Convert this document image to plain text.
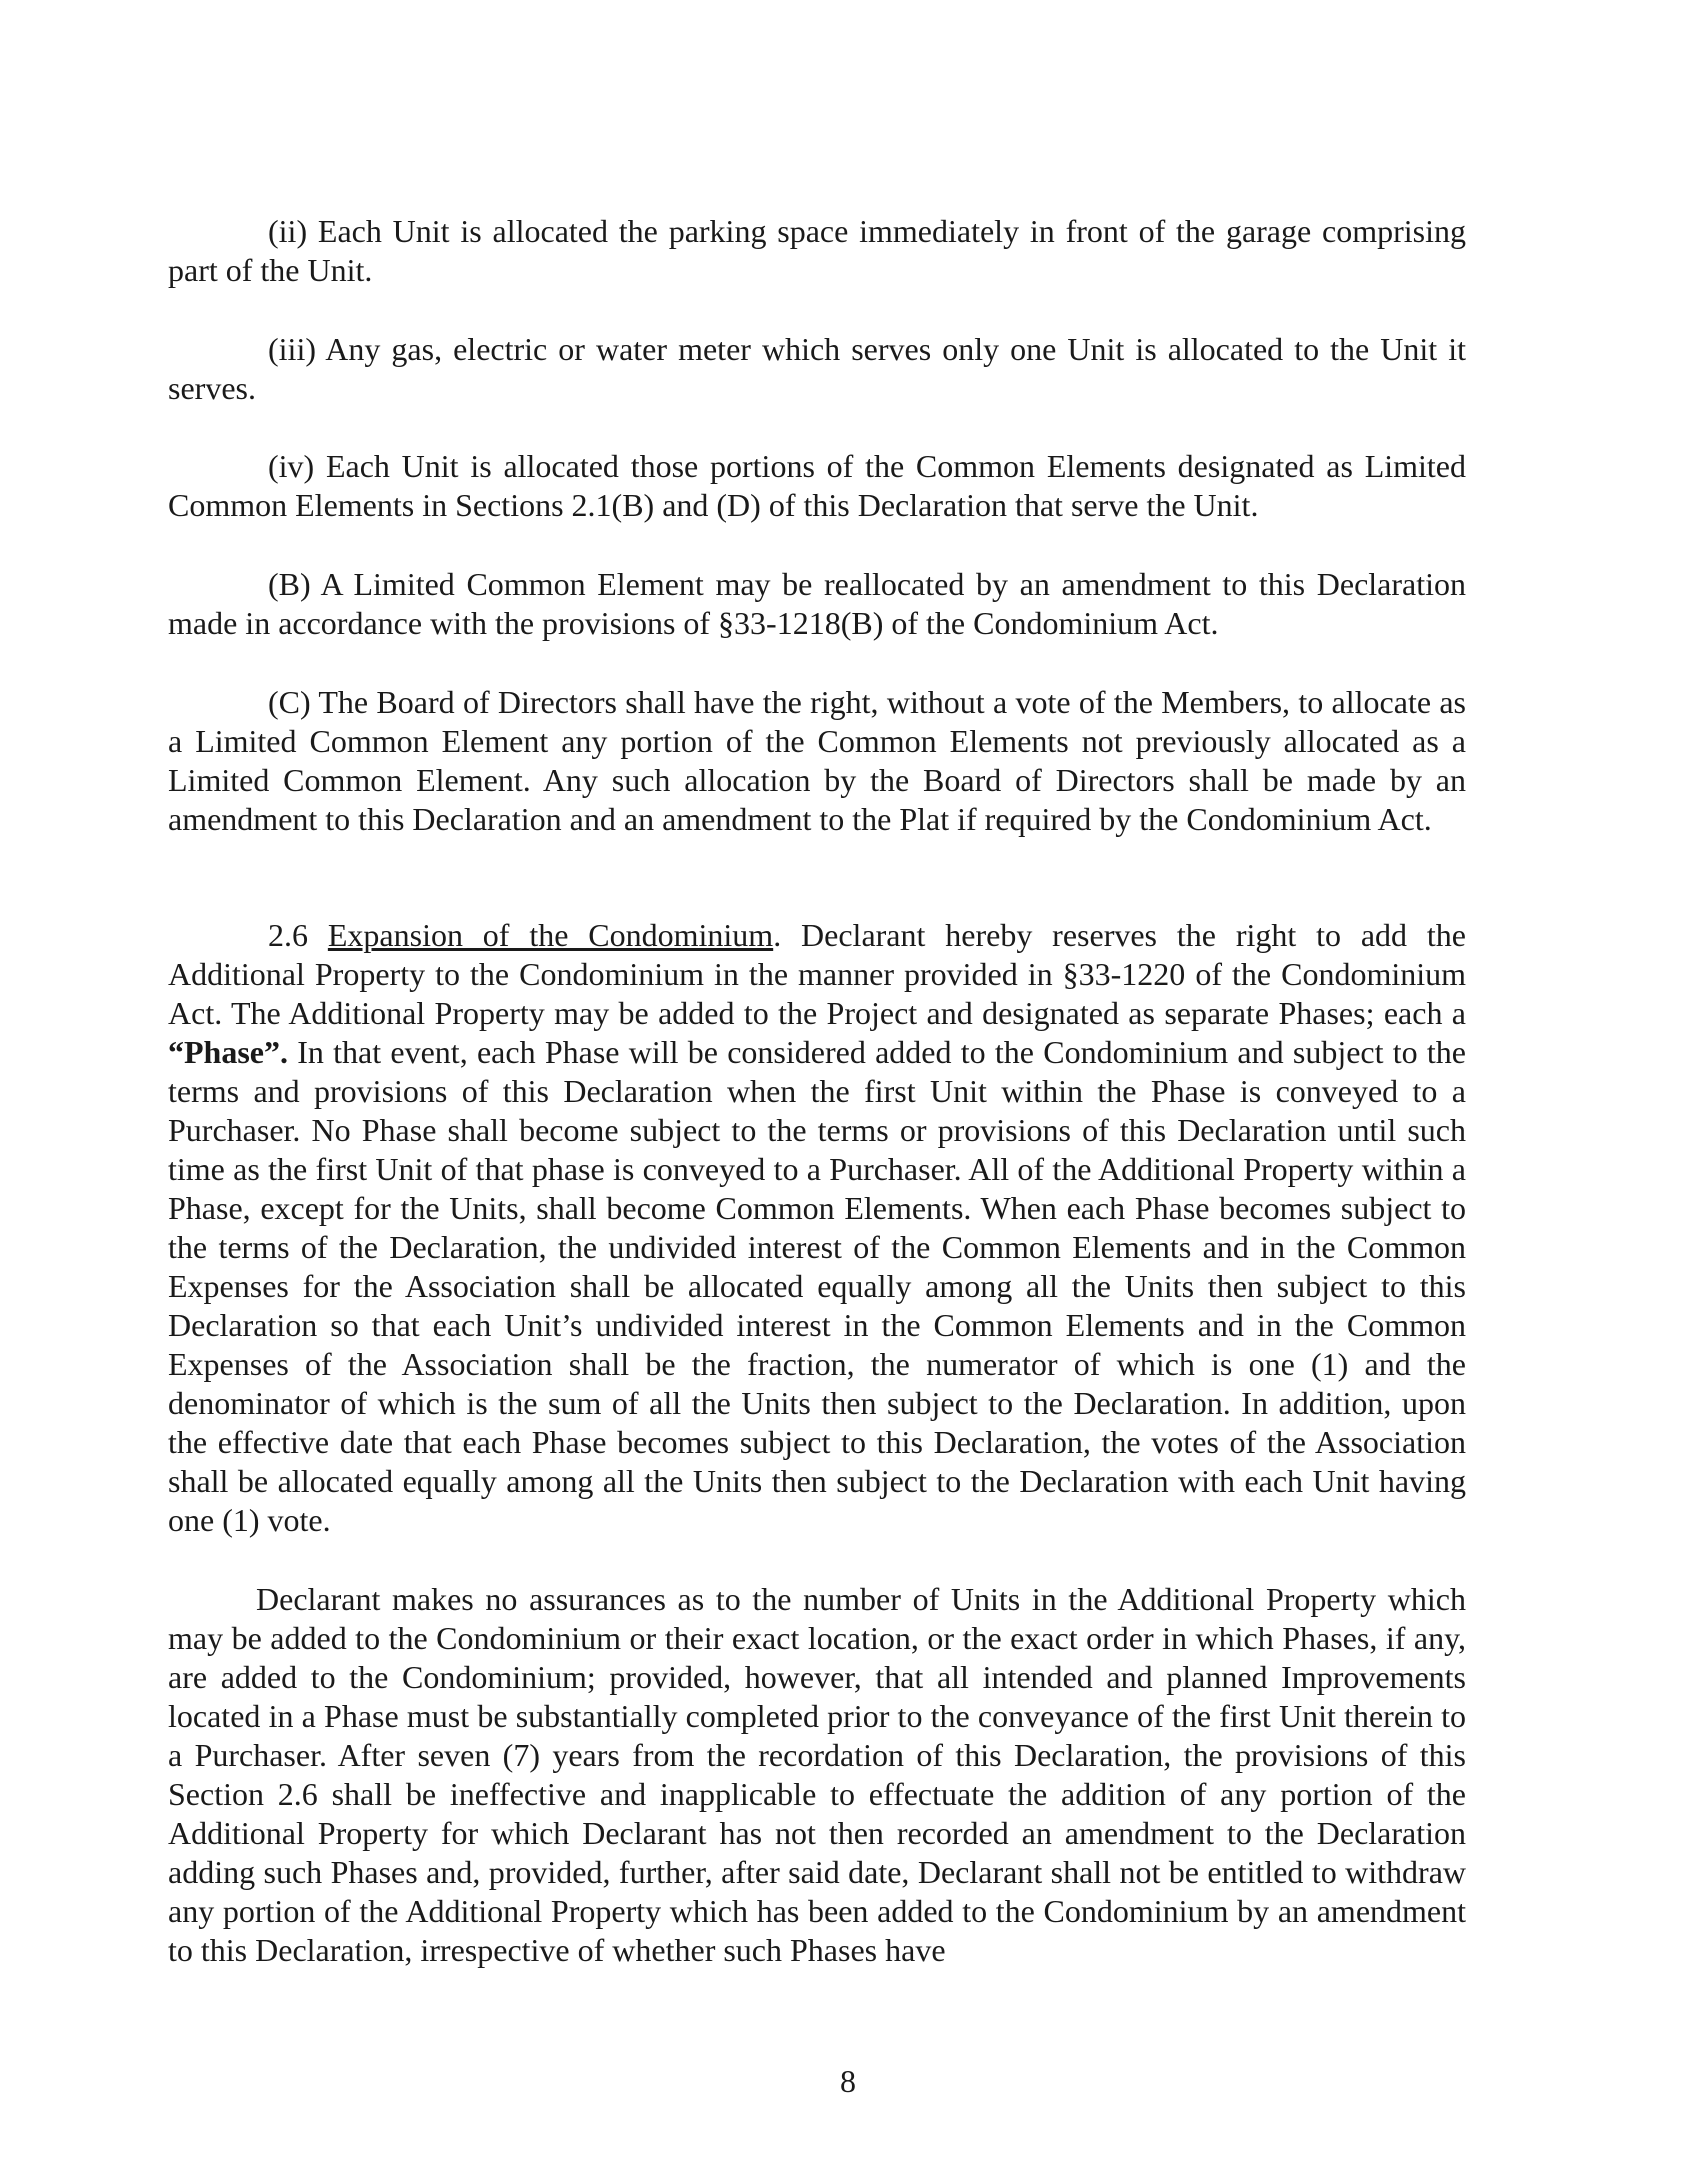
(ii) Each Unit is allocated the parking space immediately in front of the garage comprising part of the Unit.

(iii) Any gas, electric or water meter which serves only one Unit is allocated to the Unit it serves.

(iv) Each Unit is allocated those portions of the Common Elements designated as Limited Common Elements in Sections 2.1(B) and (D) of this Declaration that serve the Unit.

(B) A Limited Common Element may be reallocated by an amendment to this Declaration made in accordance with the provisions of §33-1218(B) of the Condominium Act.

(C) The Board of Directors shall have the right, without a vote of the Members, to allocate as a Limited Common Element any portion of the Common Elements not previously allocated as a Limited Common Element. Any such allocation by the Board of Directors shall be made by an amendment to this Declaration and an amendment to the Plat if required by the Condominium Act.

2.6 Expansion of the Condominium. Declarant hereby reserves the right to add the Additional Property to the Condominium in the manner provided in §33-1220 of the Condominium Act. The Additional Property may be added to the Project and designated as separate Phases; each a “Phase”. In that event, each Phase will be considered added to the Condominium and subject to the terms and provisions of this Declaration when the first Unit within the Phase is conveyed to a Purchaser. No Phase shall become subject to the terms or provisions of this Declaration until such time as the first Unit of that phase is conveyed to a Purchaser. All of the Additional Property within a Phase, except for the Units, shall become Common Elements. When each Phase becomes subject to the terms of the Declaration, the undivided interest of the Common Elements and in the Common Expenses for the Association shall be allocated equally among all the Units then subject to this Declaration so that each Unit’s undivided interest in the Common Elements and in the Common Expenses of the Association shall be the fraction, the numerator of which is one (1) and the denominator of which is the sum of all the Units then subject to the Declaration. In addition, upon the effective date that each Phase becomes subject to this Declaration, the votes of the Association shall be allocated equally among all the Units then subject to the Declaration with each Unit having one (1) vote.

Declarant makes no assurances as to the number of Units in the Additional Property which may be added to the Condominium or their exact location, or the exact order in which Phases, if any, are added to the Condominium; provided, however, that all intended and planned Improvements located in a Phase must be substantially completed prior to the conveyance of the first Unit therein to a Purchaser. After seven (7) years from the recordation of this Declaration, the provisions of this Section 2.6 shall be ineffective and inapplicable to effectuate the addition of any portion of the Additional Property for which Declarant has not then recorded an amendment to the Declaration adding such Phases and, provided, further, after said date, Declarant shall not be entitled to withdraw any portion of the Additional Property which has been added to the Condominium by an amendment to this Declaration, irrespective of whether such Phases have

8
